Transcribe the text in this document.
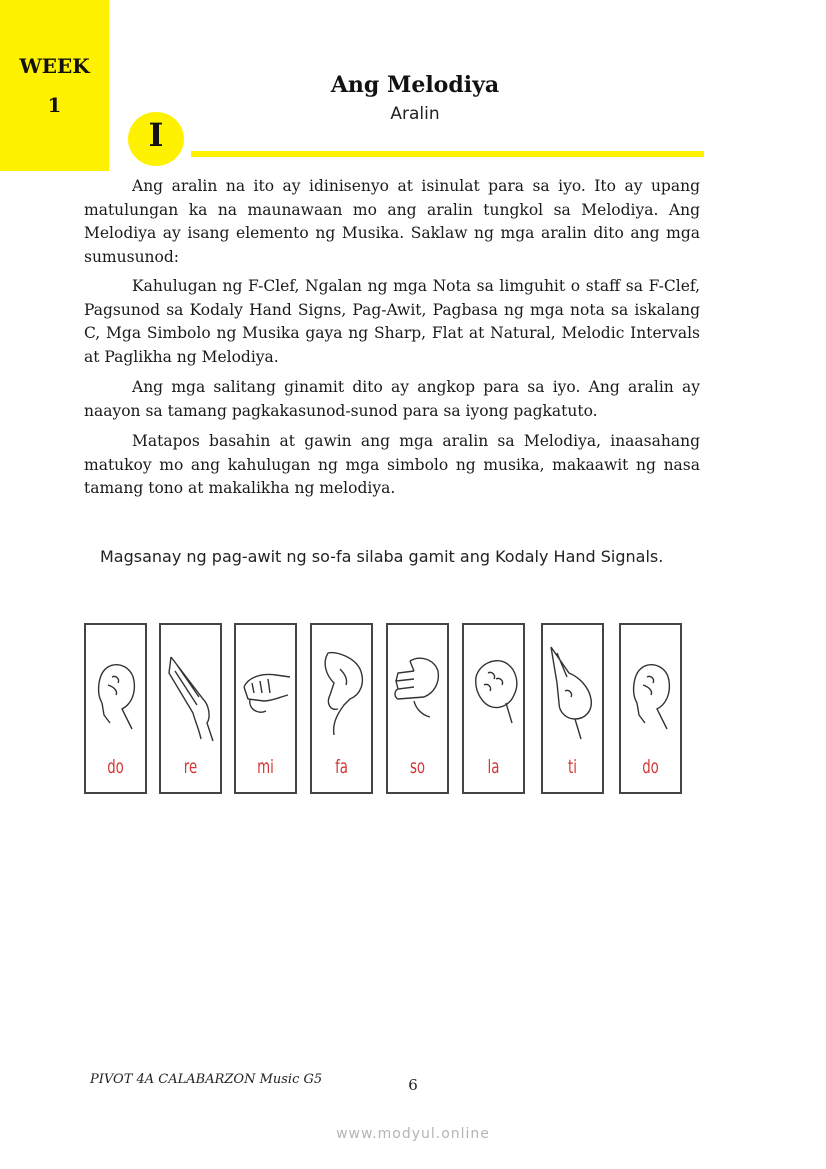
WEEK
1
Ang Melodiya
Aralin
I

Ang aralin na ito ay idinisenyo at isinulat para sa iyo. Ito ay upang matulungan ka na maunawaan mo ang aralin tungkol sa Melodiya. Ang Melodiya ay isang elemento ng Musika. Saklaw ng mga aralin dito ang mga sumusunod:

Kahulugan ng F-Clef, Ngalan ng mga Nota sa limguhit o staff sa F-Clef, Pagsunod sa Kodaly Hand Signs, Pag-Awit, Pagbasa ng mga nota sa iskalang C, Mga Simbolo ng Musika gaya ng Sharp, Flat at Natural, Melodic Intervals at Paglikha ng Melodiya.

Ang mga salitang ginamit dito ay angkop para sa iyo. Ang aralin ay naayon sa tamang pagkakasunod-sunod para sa iyong pagkatuto.

Matapos basahin at gawin ang mga aralin sa Melodiya, inaasahang matukoy mo ang kahulugan ng mga simbolo ng musika, makaawit ng nasa tamang tono at makalikha ng melodiya.

Magsanay ng pag-awit ng so-fa silaba gamit ang Kodaly Hand Signals.
do	re	mi	fa	so	la	ti	do
PIVOT 4A CALABARZON Music G5	6
www.modyul.online
